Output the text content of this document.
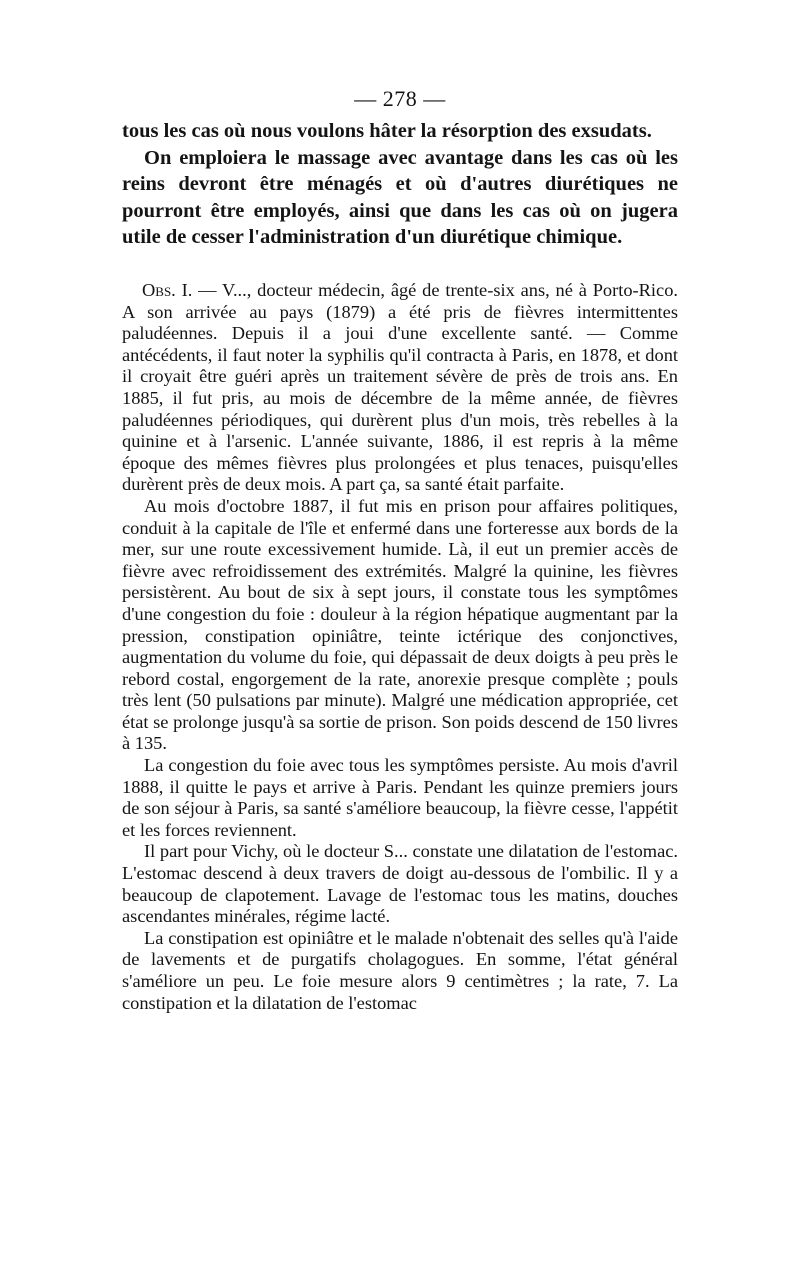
— 278 —

tous les cas où nous voulons hâter la résorption des exsudats.

On emploiera le massage avec avantage dans les cas où les reins devront être ménagés et où d'autres diurétiques ne pourront être employés, ainsi que dans les cas où on jugera utile de cesser l'administration d'un diurétique chimique.

Obs. I. — V..., docteur médecin, âgé de trente-six ans, né à Porto-Rico. A son arrivée au pays (1879) a été pris de fièvres intermittentes paludéennes. Depuis il a joui d'une excellente santé. — Comme antécédents, il faut noter la syphilis qu'il contracta à Paris, en 1878, et dont il croyait être guéri après un traitement sévère de près de trois ans. En 1885, il fut pris, au mois de décembre de la même année, de fièvres paludéennes périodiques, qui durèrent plus d'un mois, très rebelles à la quinine et à l'arsenic. L'année suivante, 1886, il est repris à la même époque des mêmes fièvres plus prolongées et plus tenaces, puisqu'elles durèrent près de deux mois. A part ça, sa santé était parfaite.

Au mois d'octobre 1887, il fut mis en prison pour affaires politiques, conduit à la capitale de l'île et enfermé dans une forteresse aux bords de la mer, sur une route excessivement humide. Là, il eut un premier accès de fièvre avec refroidissement des extrémités. Malgré la quinine, les fièvres persistèrent. Au bout de six à sept jours, il constate tous les symptômes d'une congestion du foie : douleur à la région hépatique augmentant par la pression, constipation opiniâtre, teinte ictérique des conjonctives, augmentation du volume du foie, qui dépassait de deux doigts à peu près le rebord costal, engorgement de la rate, anorexie presque complète ; pouls très lent (50 pulsations par minute). Malgré une médication appropriée, cet état se prolonge jusqu'à sa sortie de prison. Son poids descend de 150 livres à 135.

La congestion du foie avec tous les symptômes persiste. Au mois d'avril 1888, il quitte le pays et arrive à Paris. Pendant les quinze premiers jours de son séjour à Paris, sa santé s'améliore beaucoup, la fièvre cesse, l'appétit et les forces reviennent.

Il part pour Vichy, où le docteur S... constate une dilatation de l'estomac. L'estomac descend à deux travers de doigt au-dessous de l'ombilic. Il y a beaucoup de clapotement. Lavage de l'estomac tous les matins, douches ascendantes minérales, régime lacté.

La constipation est opiniâtre et le malade n'obtenait des selles qu'à l'aide de lavements et de purgatifs cholagogues. En somme, l'état général s'améliore un peu. Le foie mesure alors 9 centimètres ; la rate, 7. La constipation et la dilatation de l'estomac
